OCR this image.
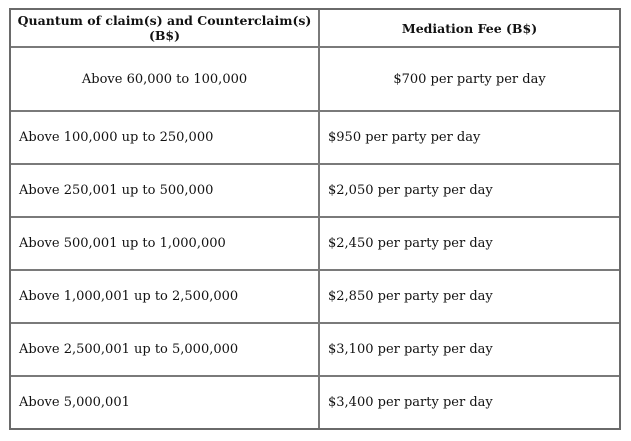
Quantum of claim(s) and Counterclaim(s) (B$)	Mediation Fee (B$)
Above 60,000 to 100,000	$700 per party per day
Above 100,000 up to 250,000	$950 per party per day
Above 250,001 up to 500,000	$2,050 per party per day
Above 500,001 up to 1,000,000	$2,450 per party per day
Above 1,000,001 up to 2,500,000	$2,850 per party per day
Above 2,500,001 up to 5,000,000	$3,100 per party per day
Above 5,000,001	$3,400 per party per day
